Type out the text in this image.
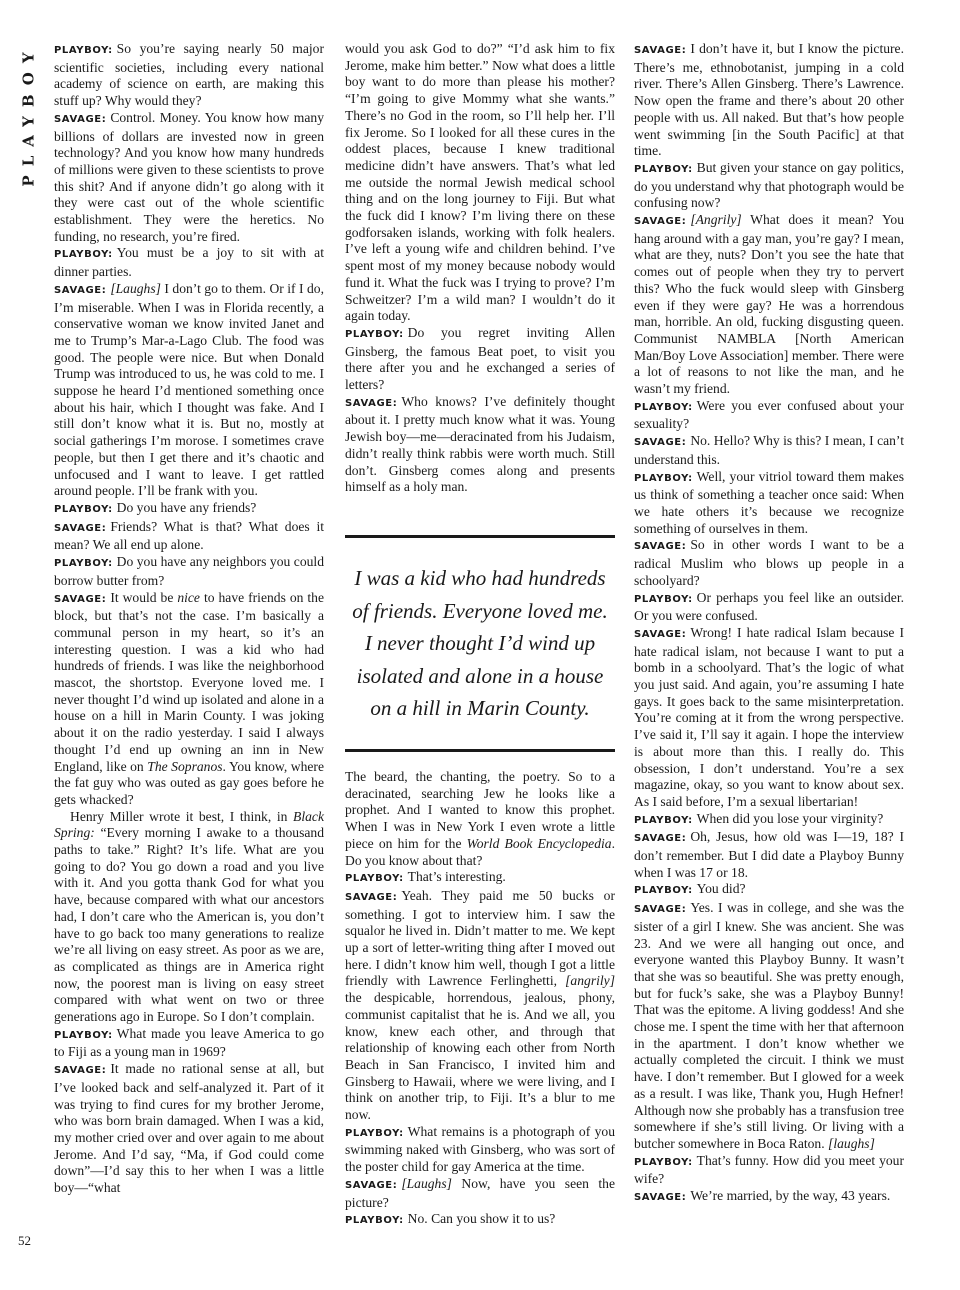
PLAYBOY
52

PLAYBOY: So you’re saying nearly 50 major scientific societies, including every national academy of science on earth, are making this stuff up? Why would they?

SAVAGE: Control. Money. You know how many billions of dollars are invested now in green technology? And you know how many hundreds of millions were given to these scientists to prove this shit? And if anyone didn’t go along with it they were cast out of the whole scientific establishment. They were the heretics. No funding, no research, you’re fired.

PLAYBOY: You must be a joy to sit with at dinner parties.

SAVAGE: [Laughs] I don’t go to them. Or if I do, I’m miserable. When I was in Florida recently, a conservative woman we know invited Janet and me to Trump’s Mar-a-Lago Club. The food was good. The people were nice. But when Donald Trump was introduced to us, he was cold to me. I suppose he heard I’d mentioned something once about his hair, which I thought was fake. And I still don’t know what it is. But no, mostly at social gatherings I’m morose. I sometimes crave people, but then I get there and it’s chaotic and unfocused and I want to leave. I get rattled around people. I’ll be frank with you.

PLAYBOY: Do you have any friends?

SAVAGE: Friends? What is that? What does it mean? We all end up alone.

PLAYBOY: Do you have any neighbors you could borrow butter from?

SAVAGE: It would be nice to have friends on the block, but that’s not the case. I’m basically a communal person in my heart, so it’s an interesting question. I was a kid who had hundreds of friends. I was like the neighborhood mascot, the shortstop. Everyone loved me. I never thought I’d wind up isolated and alone in a house on a hill in Marin County. I was joking about it on the radio yesterday. I said I always thought I’d end up owning an inn in New England, like on The Sopranos. You know, where the fat guy who was outed as gay goes before he gets whacked?

Henry Miller wrote it best, I think, in Black Spring: “Every morning I awake to a thousand paths to take.” Right? It’s life. What are you going to do? You go down a road and you live with it. And you gotta thank God for what you have, because compared with what our ancestors had, I don’t care who the American is, you don’t have to go back too many generations to realize we’re all living on easy street. As poor as we are, as complicated as things are in America right now, the poorest man is living on easy street compared with what went on two or three generations ago in Europe. So I don’t complain.

PLAYBOY: What made you leave America to go to Fiji as a young man in 1969?

SAVAGE: It made no rational sense at all, but I’ve looked back and self-analyzed it. Part of it was trying to find cures for my brother Jerome, who was born brain damaged. When I was a kid, my mother cried over and over again to me about Jerome. And I’d say, “Ma, if God could come down”—I’d say this to her when I was a little boy—“what

would you ask God to do?” “I’d ask him to fix Jerome, make him better.” Now what does a little boy want to do more than please his mother? “I’m going to give Mommy what she wants.” There’s no God in the room, so I’ll help her. I’ll fix Jerome. So I looked for all these cures in the oddest places, because I knew traditional medicine didn’t have answers. That’s what led me outside the normal Jewish medical school thing and on the long journey to Fiji. But what the fuck did I know? I’m living there on these godforsaken islands, working with folk healers. I’ve left a young wife and children behind. I’ve spent most of my money because nobody would fund it. What the fuck was I trying to prove? I’m Schweitzer? I’m a wild man? I wouldn’t do it again today.

PLAYBOY: Do you regret inviting Allen Ginsberg, the famous Beat poet, to visit you there after you and he exchanged a series of letters?

SAVAGE: Who knows? I’ve definitely thought about it. I pretty much know what it was. Young Jewish boy—me—deracinated from his Judaism, didn’t really think rabbis were worth much. Still don’t. Ginsberg comes along and presents himself as a holy man.

I was a kid who had hundreds of friends. Everyone loved me. I never thought I’d wind up isolated and alone in a house on a hill in Marin County.

The beard, the chanting, the poetry. So to a deracinated, searching Jew he looks like a prophet. And I wanted to know this prophet. When I was in New York I even wrote a little piece on him for the World Book Encyclopedia. Do you know about that?

PLAYBOY: That’s interesting.

SAVAGE: Yeah. They paid me 50 bucks or something. I got to interview him. I saw the squalor he lived in. Didn’t matter to me. We kept up a sort of letter-writing thing after I moved out here. I didn’t know him well, though I got a little friendly with Lawrence Ferlinghetti, [angrily] the despicable, horrendous, jealous, phony, communist capitalist that he is. And we all, you know, knew each other, and through that relationship of knowing each other from North Beach in San Francisco, I invited him and Ginsberg to Hawaii, where we were living, and I think on another trip, to Fiji. It’s a blur to me now.

PLAYBOY: What remains is a photograph of you swimming naked with Ginsberg, who was sort of the poster child for gay America at the time.

SAVAGE: [Laughs] Now, have you seen the picture?

PLAYBOY: No. Can you show it to us?

SAVAGE: I don’t have it, but I know the picture. There’s me, ethnobotanist, jumping in a cold river. There’s Allen Ginsberg. There’s Lawrence. Now open the frame and there’s about 20 other people with us. All naked. But that’s how people went swimming [in the South Pacific] at that time.

PLAYBOY: But given your stance on gay politics, do you understand why that photograph would be confusing now?

SAVAGE: [Angrily] What does it mean? You hang around with a gay man, you’re gay? I mean, what are they, nuts? Don’t you see the hate that comes out of people when they try to pervert this? Who the fuck would sleep with Ginsberg even if they were gay? He was a horrendous man, horrible. An old, fucking disgusting queen. Communist NAMBLA [North American Man/Boy Love Association] member. There were a lot of reasons to not like the man, and he wasn’t my friend.

PLAYBOY: Were you ever confused about your sexuality?

SAVAGE: No. Hello? Why is this? I mean, I can’t understand this.

PLAYBOY: Well, your vitriol toward them makes us think of something a teacher once said: When we hate others it’s because we recognize something of ourselves in them.

SAVAGE: So in other words I want to be a radical Muslim who blows up people in a schoolyard?

PLAYBOY: Or perhaps you feel like an outsider. Or you were confused.

SAVAGE: Wrong! I hate radical Islam because I hate radical islam, not because I want to put a bomb in a schoolyard. That’s the logic of what you just said. And again, you’re assuming I hate gays. It goes back to the same misinterpretation. You’re coming at it from the wrong perspective. I’ve said it, I’ll say it again. I hope the interview is about more than this. I really do. This obsession, I don’t understand. You’re a sex magazine, okay, so you want to know about sex. As I said before, I’m a sexual libertarian!

PLAYBOY: When did you lose your virginity?

SAVAGE: Oh, Jesus, how old was I—19, 18? I don’t remember. But I did date a Playboy Bunny when I was 17 or 18.

PLAYBOY: You did?

SAVAGE: Yes. I was in college, and she was the sister of a girl I knew. She was ancient. She was 23. And we were all hanging out once, and everyone wanted this Playboy Bunny. It wasn’t that she was so beautiful. She was pretty enough, but for fuck’s sake, she was a Playboy Bunny! That was the epitome. A living goddess! And she chose me. I spent the time with her that afternoon in the apartment. I don’t know whether we actually completed the circuit. I think we must have. I don’t remember. But I glowed for a week as a result. I was like, Thank you, Hugh Hefner! Although now she probably has a transfusion tree somewhere if she’s still living. Or living with a butcher somewhere in Boca Raton. [laughs]

PLAYBOY: That’s funny. How did you meet your wife?

SAVAGE: We’re married, by the way, 43 years.
